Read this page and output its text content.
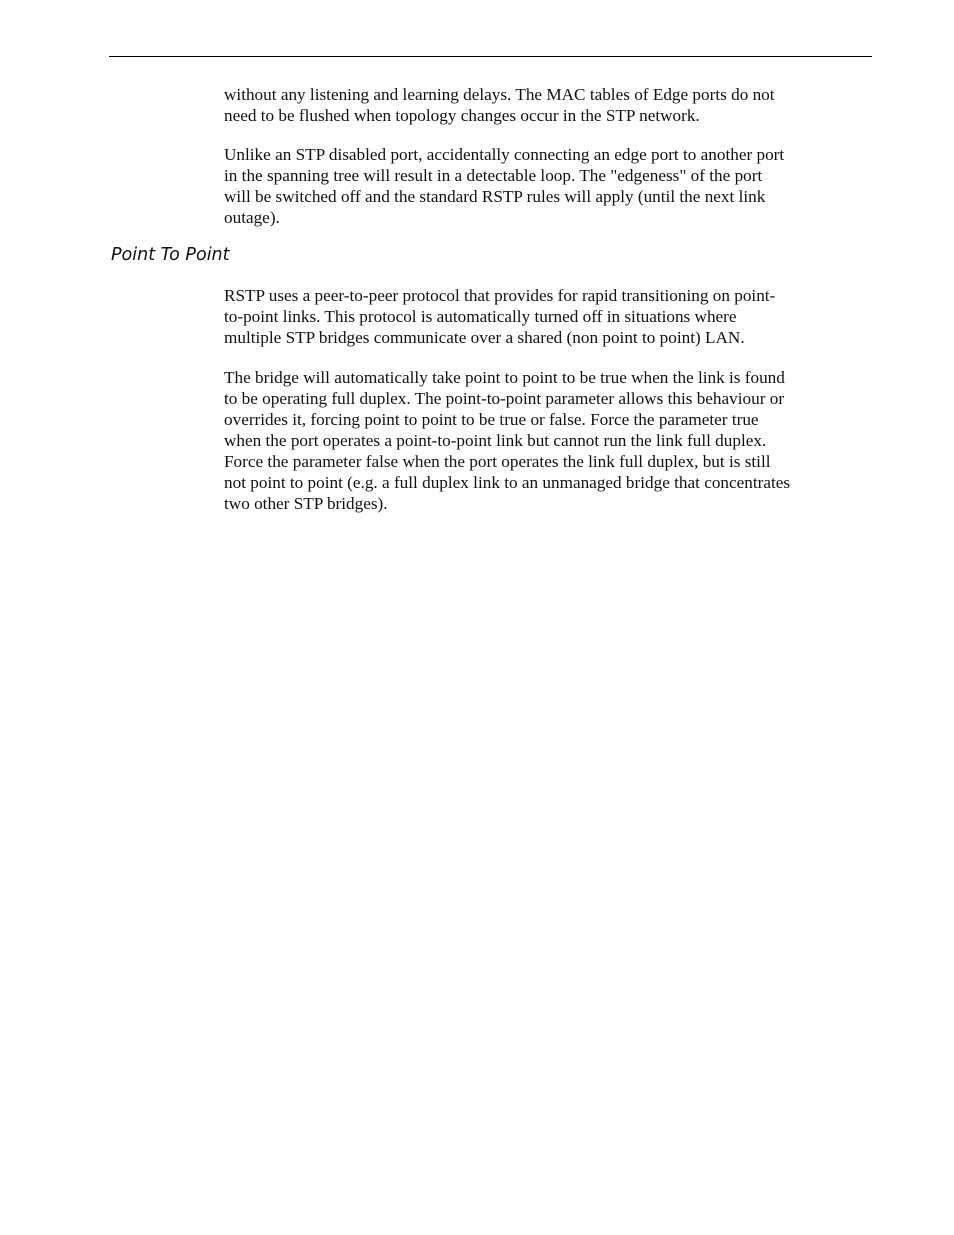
without any listening and learning delays. The MAC tables of Edge ports do not
need to be flushed when topology changes occur in the STP network.
Unlike an STP disabled port, accidentally connecting an edge port to another port
in the spanning tree will result in a detectable loop. The "edgeness" of the port
will be switched off and the standard RSTP rules will apply (until the next link
outage).
Point To Point
RSTP uses a peer-to-peer protocol that provides for rapid transitioning on point-
to-point links. This protocol is automatically turned off in situations where
multiple STP bridges communicate over a shared (non point to point) LAN.
The bridge will automatically take point to point to be true when the link is found
to be operating full duplex. The point-to-point parameter allows this behaviour or
overrides it, forcing point to point to be true or false. Force the parameter true
when the port operates a point-to-point link but cannot run the link full duplex.
Force the parameter false when the port operates the link full duplex, but is still
not point to point (e.g. a full duplex link to an unmanaged bridge that concentrates
two other STP bridges).
